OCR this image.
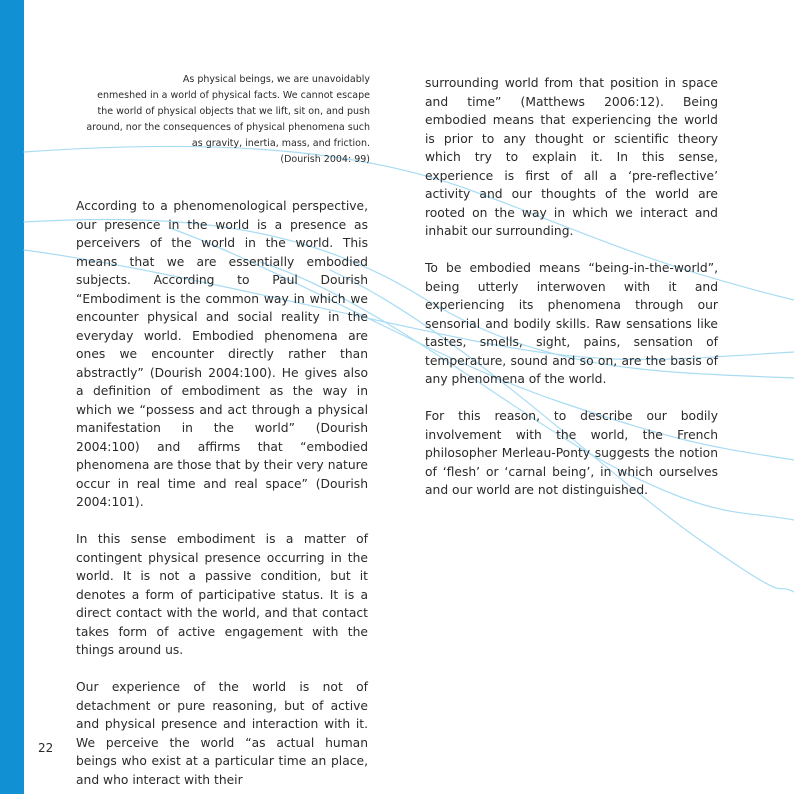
As physical beings, we are unavoidably

enmeshed in a world of physical facts. We cannot escape

the world of physical objects that we lift, sit on, and push

around, nor the consequences of physical phenomena such

as gravity, inertia, mass, and friction.

(Dourish 2004: 99)

According to a phenomenological perspective, our presence in the world is a presence as perceivers of the world in the world. This means that we are essentially embodied subjects. According to Paul Dourish “Embodiment is the common way in which we encounter physical and social reality in the everyday world. Embodied phenomena are ones we encounter directly rather than abstractly” (Dourish 2004:100). He gives also a definition of embodiment as the way in which we “possess and act through a physical manifestation in the world” (Dourish 2004:100) and affirms that “embodied phenomena are those that by their very nature occur in real time and real space” (Dourish 2004:101).

In this sense embodiment is a matter of contingent physical presence occurring in the world. It is not a passive condition, but it denotes a form of participative status. It is a direct contact with the world, and that contact takes form of active engagement with the things around us.

Our experience of the world is not of detachment or pure reasoning, but of active and physical presence and interaction with it. We perceive the world “as actual human beings who exist at a particular time an place, and who interact with their

surrounding world from that position in space and time” (Matthews 2006:12). Being embodied means that experiencing the world is prior to any thought or scientific theory which try to explain it. In this sense, experience is first of all a ‘pre-reflective’ activity and our thoughts of the world are rooted on the way in which we interact and inhabit our surrounding.

To be embodied means “being-in-the-world”, being utterly interwoven with it and experiencing its phenomena through our sensorial and bodily skills. Raw sensations like tastes, smells, sight, pains, sensation of temperature, sound and so on, are the basis of any phenomena of the world.

For this reason, to describe our bodily involvement with the world, the French philosopher Merleau-Ponty suggests the notion of ‘flesh’ or ‘carnal being’, in which ourselves and our world are not distinguished.

22
